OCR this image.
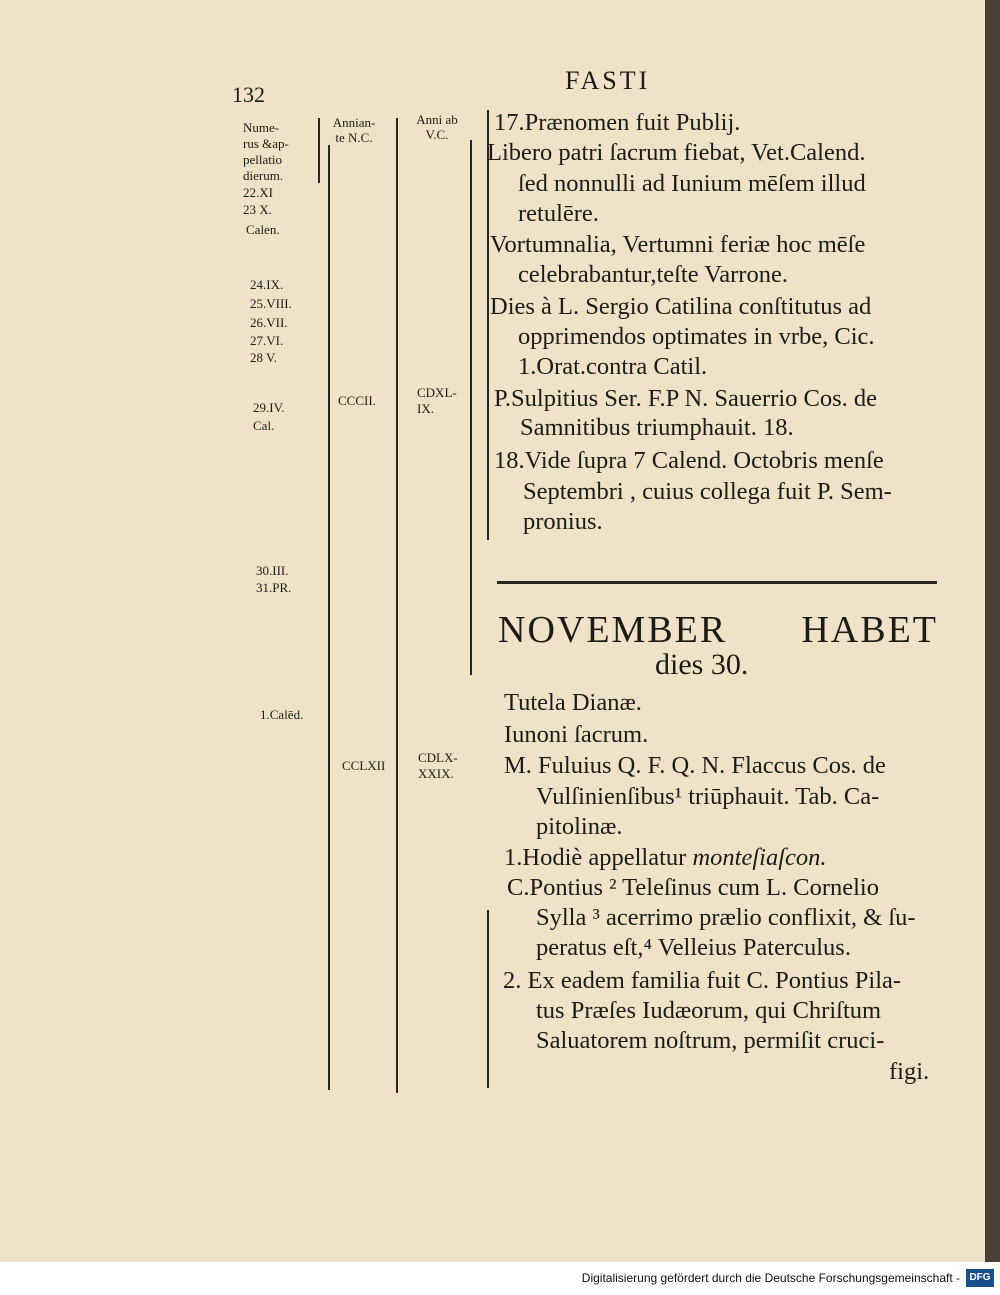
132	FASTI
Nume-
rus &ap-
pellatio
dierum.
Annian-
te N.C.
Anni ab
V.C.
22.XI
23 X.
Calen.
24.IX.
25.VIII.
26.VII.
27.VI.
28 V.
29.IV.
Cal.
30.III.
31.PR.
1.Calēd.
CCCII.
CDXL-
IX.
CCLXII
CDLX-
XXIX.
17.Prænomen fuit Publij.
Libero patri ſacrum fiebat, Vet.Calend.
ſed nonnulli ad Iunium mēſem illud
retulēre.
Vortumnalia, Vertumni feriæ hoc mēſe
celebrabantur,teſte Varrone.
Dies à L. Sergio Catilina conſtitutus ad
opprimendos optimates in vrbe, Cic.
1.Orat.contra Catil.
P.Sulpitius Ser. F.P N. Sauerrio Cos. de
Samnitibus triumphauit. 18.
18.Vide ſupra 7 Calend. Octobris menſe
Septembri , cuius collega fuit P. Sem-
pronius.
NOVEMBER HABET
dies 30.
Tutela Dianæ.
Iunoni ſacrum.
M. Fuluius Q. F. Q. N. Flaccus Cos. de
Vulſinienſibus¹ triūphauit. Tab. Ca-
pitolinæ.
1.Hodiè appellatur monteſiaſcon.
C.Pontius ² Teleſinus cum L. Cornelio
Sylla ³ acerrimo prælio conflixit, & ſu-
peratus eſt,⁴ Velleius Paterculus.
2. Ex eadem familia fuit C. Pontius Pila-
tus Præſes Iudæorum, qui Chriſtum
Saluatorem noſtrum, permiſit cruci-
figi.
Digitalisierung gefördert durch die Deutsche Forschungsgemeinschaft - DFG
